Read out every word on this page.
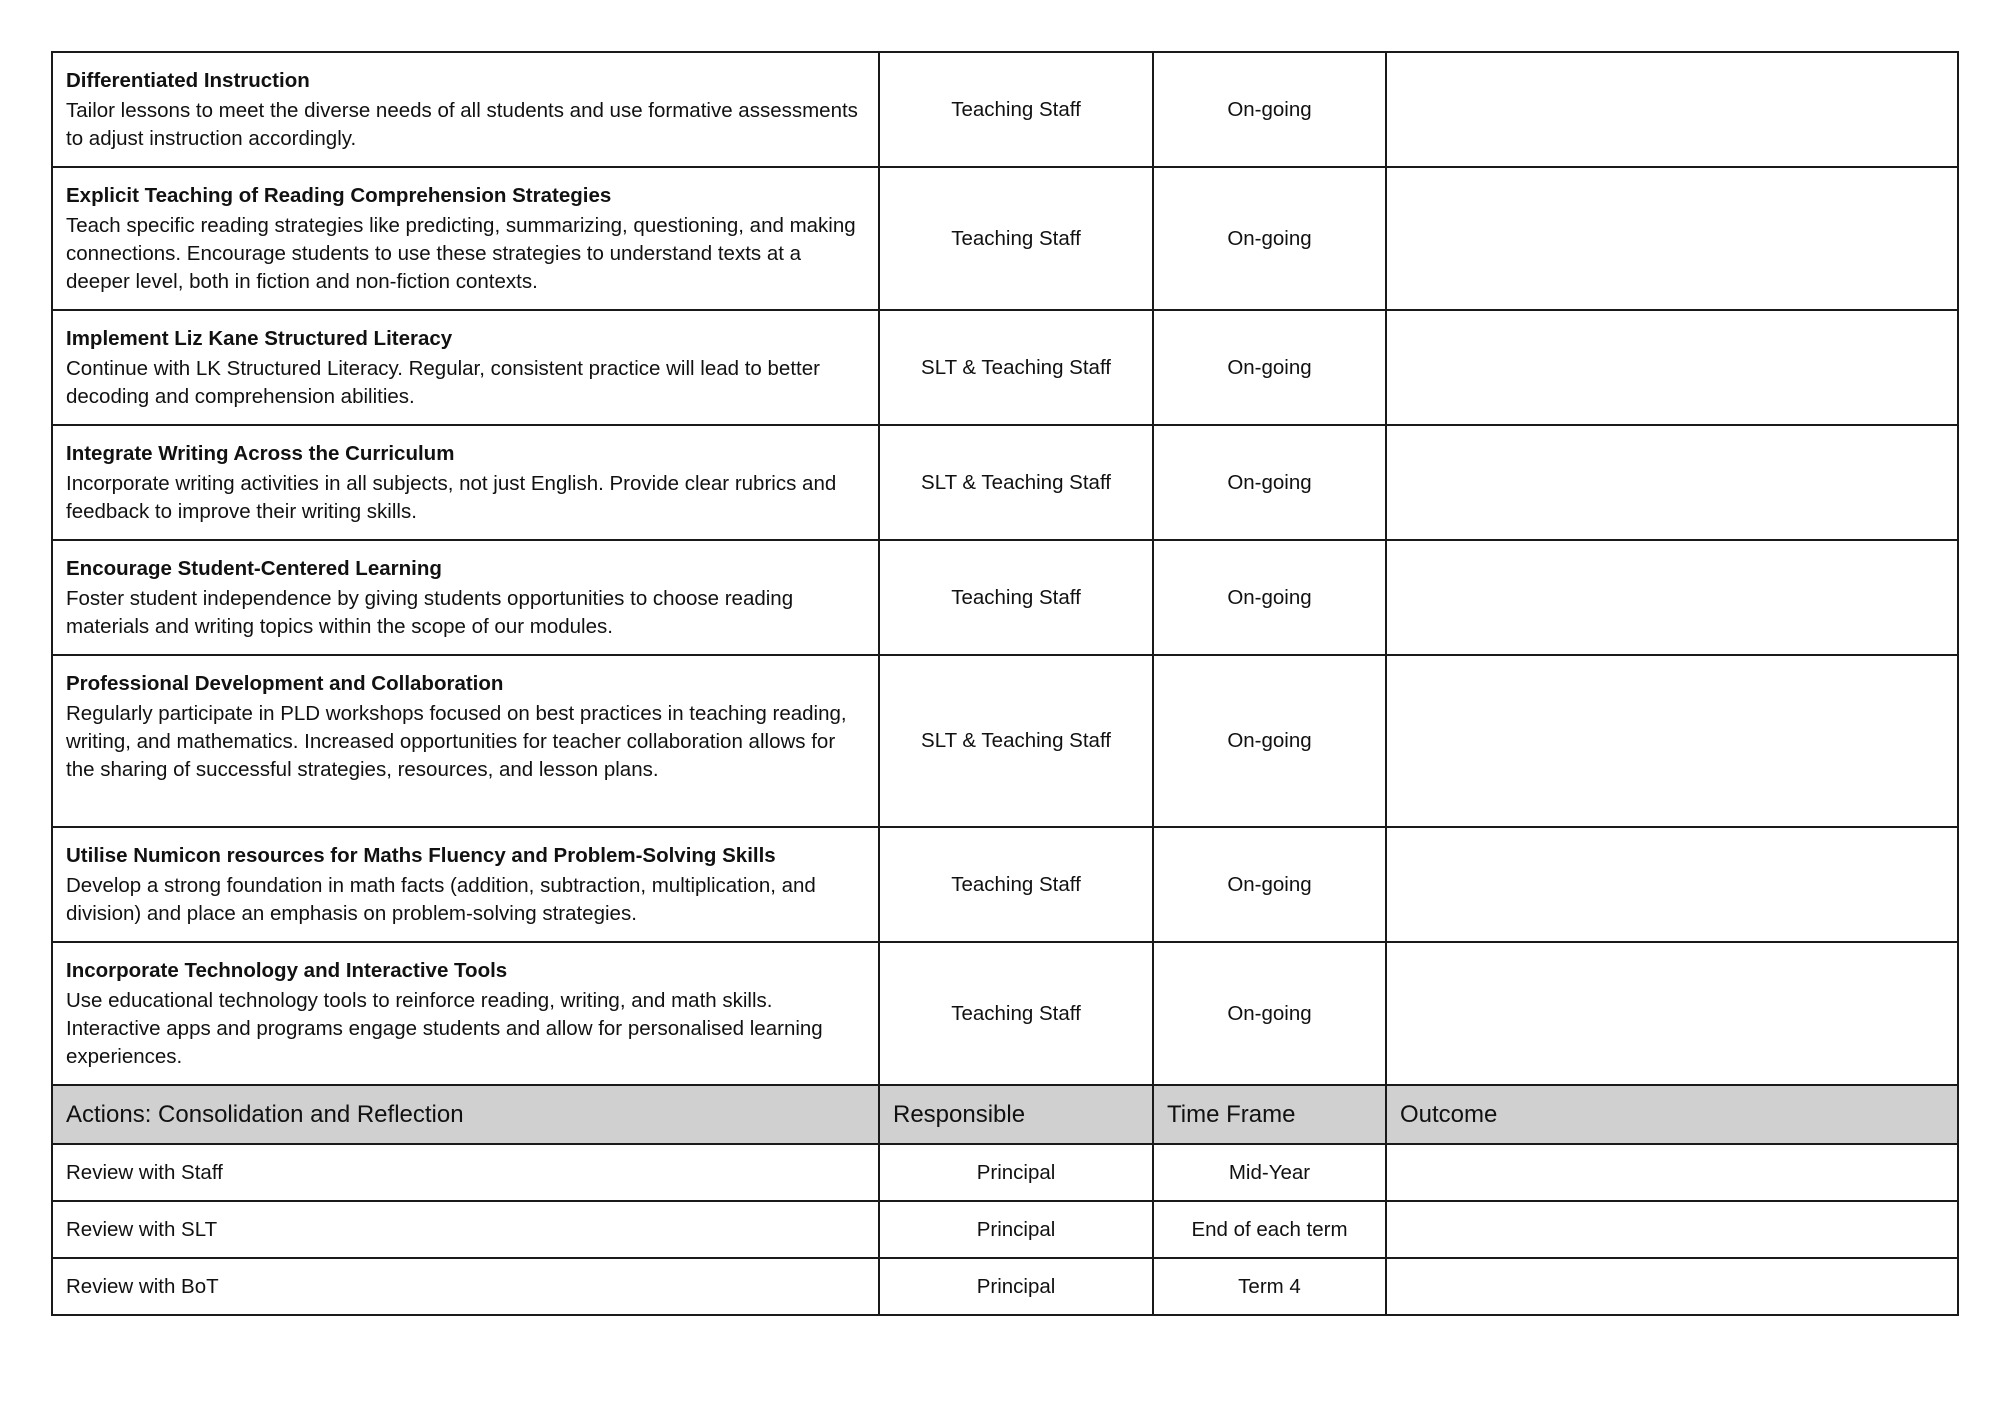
Differentiated Instruction
Tailor lessons to meet the diverse needs of all students and use formative assessments to adjust instruction accordingly.	Teaching Staff	On-going	

Explicit Teaching of Reading Comprehension Strategies
Teach specific reading strategies like predicting, summarizing, questioning, and making connections. Encourage students to use these strategies to understand texts at a deeper level, both in fiction and non-fiction contexts.	Teaching Staff	On-going	

Implement Liz Kane Structured Literacy
Continue with LK Structured Literacy. Regular, consistent practice will lead to better decoding and comprehension abilities.	SLT & Teaching Staff	On-going	

Integrate Writing Across the Curriculum
Incorporate writing activities in all subjects, not just English. Provide clear rubrics and feedback to improve their writing skills.	SLT & Teaching Staff	On-going	

Encourage Student-Centered Learning
Foster student independence by giving students opportunities to choose reading materials and writing topics within the scope of our modules.	Teaching Staff	On-going	

Professional Development and Collaboration
Regularly participate in PLD workshops focused on best practices in teaching reading, writing, and mathematics. Increased opportunities for teacher collaboration allows for the sharing of successful strategies, resources, and lesson plans.	SLT & Teaching Staff	On-going	

Utilise Numicon resources for Maths Fluency and Problem-Solving Skills
Develop a strong foundation in math facts (addition, subtraction, multiplication, and division) and place an emphasis on problem-solving strategies.	Teaching Staff	On-going	

Incorporate Technology and Interactive Tools
Use educational technology tools to reinforce reading, writing, and math skills. Interactive apps and programs engage students and allow for personalised learning experiences.	Teaching Staff	On-going	
Actions: Consolidation and Reflection	Responsible	Time Frame	Outcome
Review with Staff	Principal	Mid-Year	
Review with SLT	Principal	End of each term	
Review with BoT	Principal	Term 4	
